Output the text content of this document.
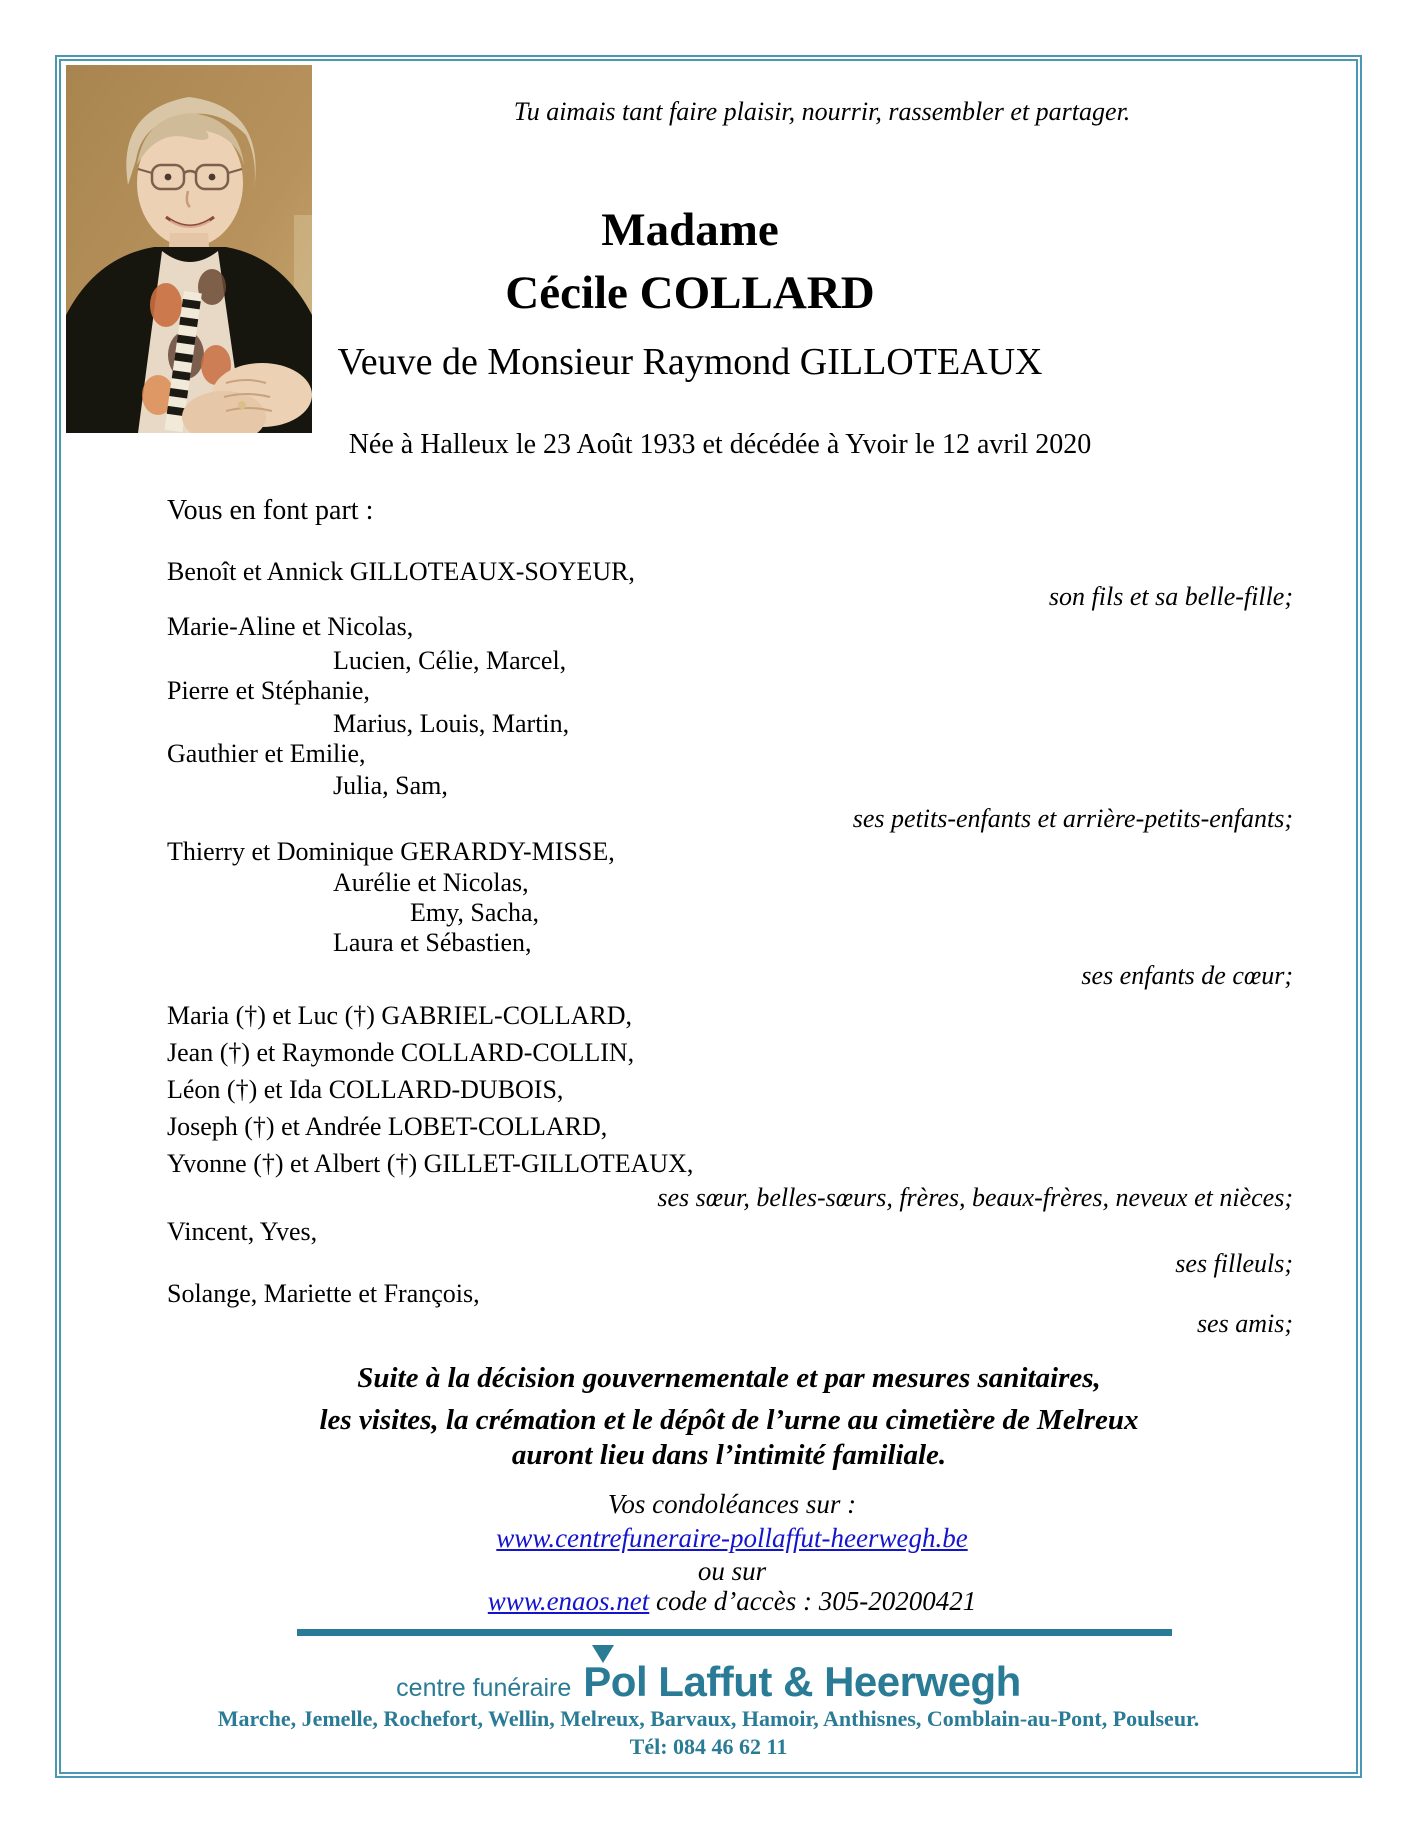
Tu aimais tant faire plaisir, nourrir, rassembler et partager.
Madame
Cécile COLLARD
Veuve de Monsieur Raymond GILLOTEAUX
Née à Halleux le 23 Août 1933 et décédée à Yvoir le 12 avril 2020
Vous en font part :
Benoît et Annick GILLOTEAUX-SOYEUR,
son fils et sa belle-fille;
Marie-Aline et Nicolas,
Lucien, Célie, Marcel,
Pierre et Stéphanie,
Marius, Louis, Martin,
Gauthier et Emilie,
Julia, Sam,
ses petits-enfants et arrière-petits-enfants;
Thierry et Dominique GERARDY-MISSE,
Aurélie et Nicolas,
Emy, Sacha,
Laura et Sébastien,
ses enfants de cœur;
Maria (†) et Luc (†) GABRIEL-COLLARD,
Jean (†) et Raymonde COLLARD-COLLIN,
Léon (†) et Ida COLLARD-DUBOIS,
Joseph (†) et Andrée LOBET-COLLARD,
Yvonne (†) et Albert (†) GILLET-GILLOTEAUX,
ses sœur, belles-sœurs, frères, beaux-frères, neveux et nièces;
Vincent, Yves,
ses filleuls;
Solange, Mariette et François,
ses amis;
Suite à la décision gouvernementale et par mesures sanitaires,
les visites, la crémation et le dépôt de l’urne au cimetière de Melreux
auront lieu dans l’intimité familiale.
Vos condoléances sur :
www.centrefuneraire-pollaffut-heerwegh.be
ou sur
www.enaos.net code d’accès : 305-20200421
centre funéraire Pol Laffut & Heerwegh
Marche, Jemelle, Rochefort, Wellin, Melreux, Barvaux, Hamoir, Anthisnes, Comblain-au-Pont, Poulseur.
Tél: 084 46 62 11
